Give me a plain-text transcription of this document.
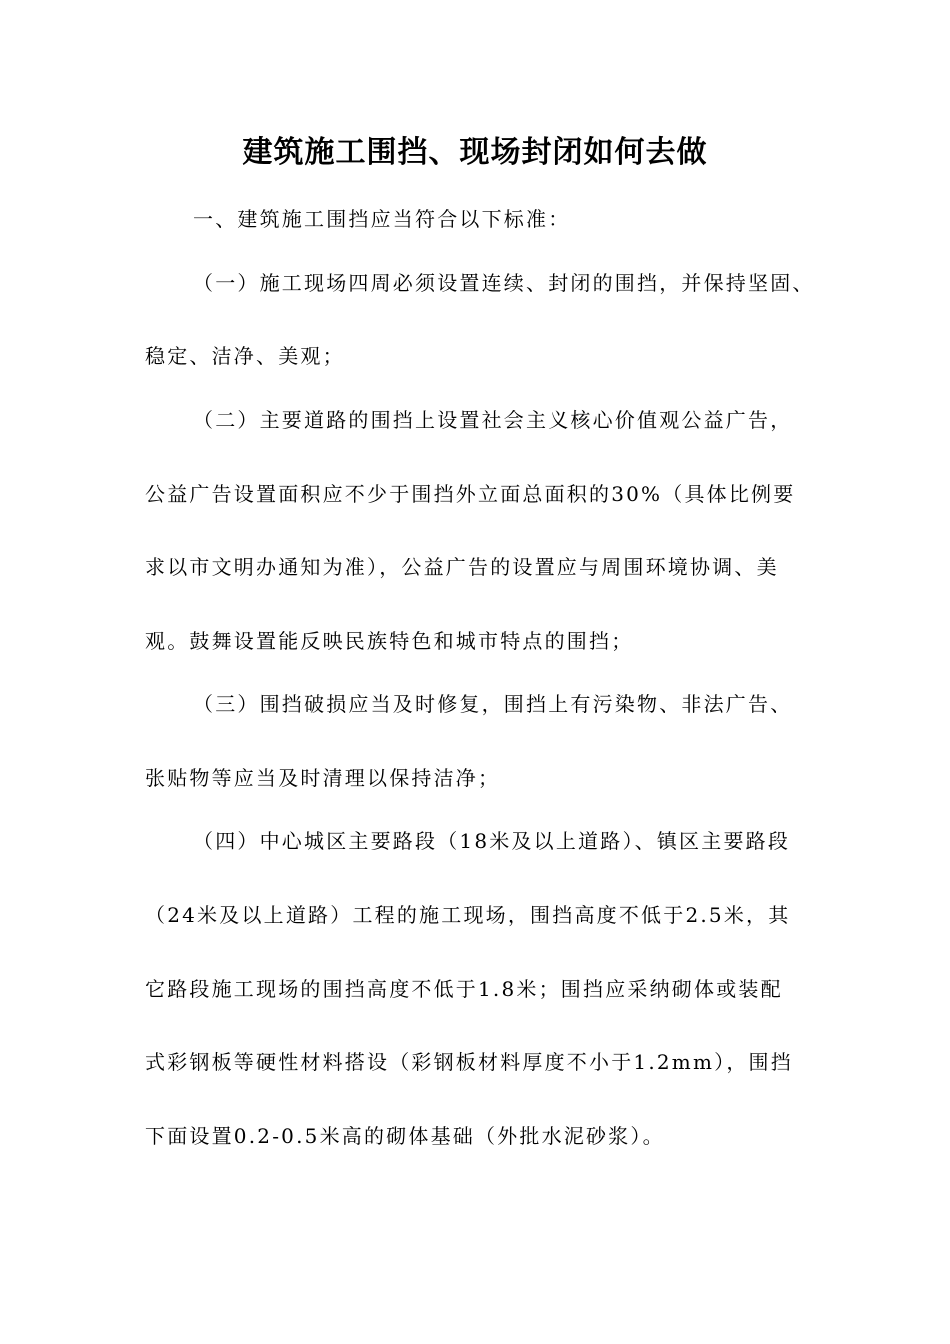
建筑施工围挡、现场封闭如何去做
一、建筑施工围挡应当符合以下标准：
（一）施工现场四周必须设置连续、封闭的围挡，并保持坚固、
稳定、洁净、美观；
（二）主要道路的围挡上设置社会主义核心价值观公益广告，
公益广告设置面积应不少于围挡外立面总面积的30%（具体比例要
求以市文明办通知为准），公益广告的设置应与周围环境协调、美
观。鼓舞设置能反映民族特色和城市特点的围挡；
（三）围挡破损应当及时修复，围挡上有污染物、非法广告、
张贴物等应当及时清理以保持洁净；
（四）中心城区主要路段（18米及以上道路）、镇区主要路段
（24米及以上道路）工程的施工现场，围挡高度不低于2.5米，其
它路段施工现场的围挡高度不低于1.8米；围挡应采纳砌体或装配
式彩钢板等硬性材料搭设（彩钢板材料厚度不小于1.2mm），围挡
下面设置0.2-0.5米高的砌体基础（外批水泥砂浆）。
